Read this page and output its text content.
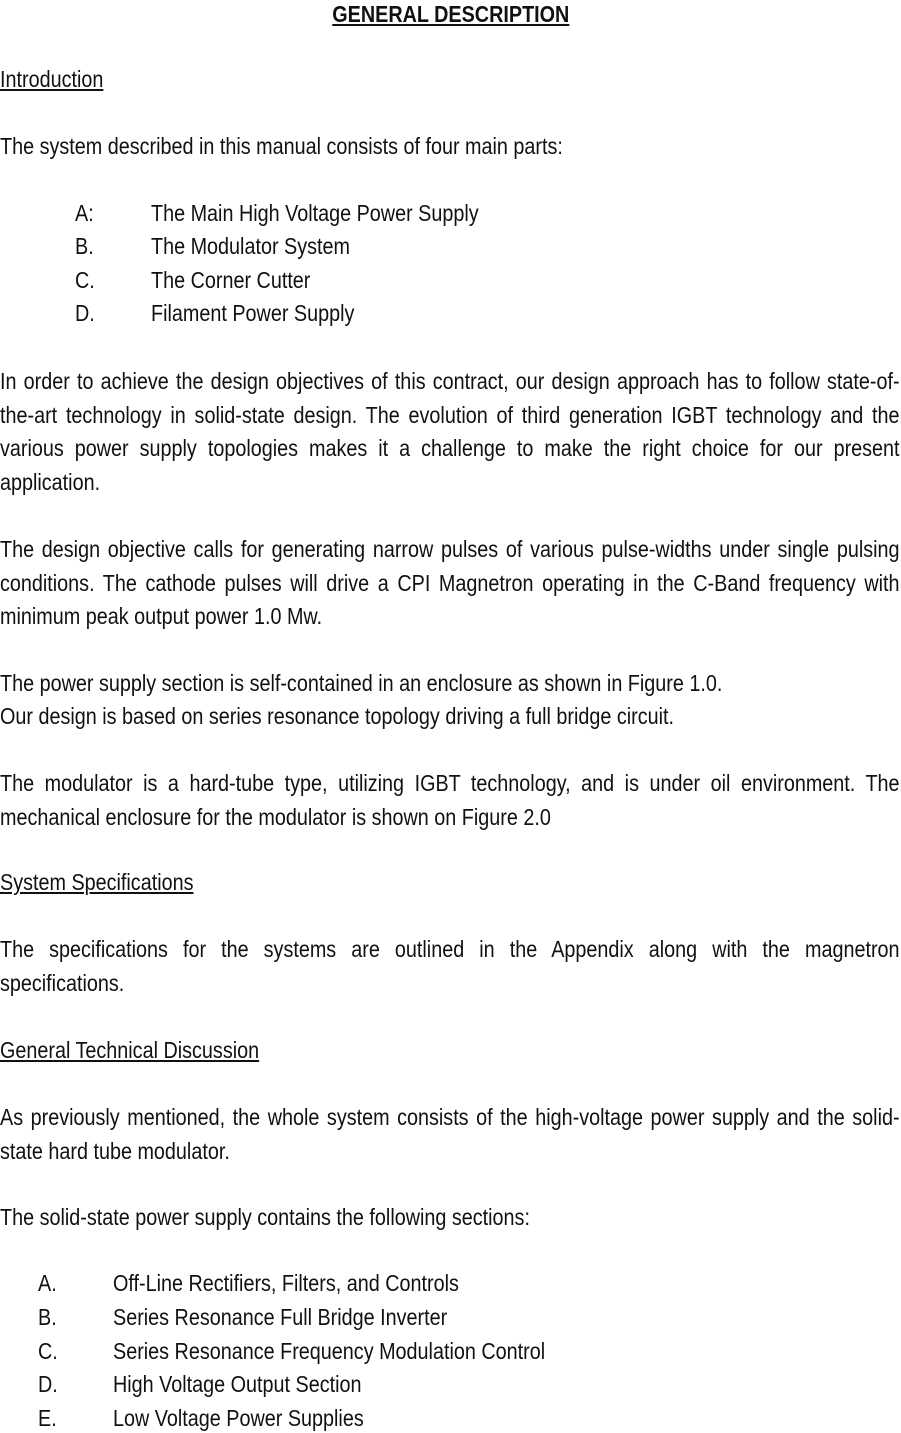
GENERAL DESCRIPTION
Introduction
The system described in this manual consists of four main parts:
A: The Main High Voltage Power Supply
B. The Modulator System
C. The Corner Cutter
D. Filament Power Supply
In order to achieve the design objectives of this contract, our design approach has to follow state-of-the-art technology in solid-state design. The evolution of third generation IGBT technology and the various power supply topologies makes it a challenge to make the right choice for our present application.
The design objective calls for generating narrow pulses of various pulse-widths under single pulsing conditions. The cathode pulses will drive a CPI Magnetron operating in the C-Band frequency with minimum peak output power 1.0 Mw.
The power supply section is self-contained in an enclosure as shown in Figure 1.0.
Our design is based on series resonance topology driving a full bridge circuit.
The modulator is a hard-tube type, utilizing IGBT technology, and is under oil environment. The mechanical enclosure for the modulator is shown on Figure 2.0
System Specifications
The specifications for the systems are outlined in the Appendix along with the magnetron specifications.
General Technical Discussion
As previously mentioned, the whole system consists of the high-voltage power supply and the solid-state hard tube modulator.
The solid-state power supply contains the following sections:
A. Off-Line Rectifiers, Filters, and Controls
B. Series Resonance Full Bridge Inverter
C. Series Resonance Frequency Modulation Control
D. High Voltage Output Section
E. Low Voltage Power Supplies
